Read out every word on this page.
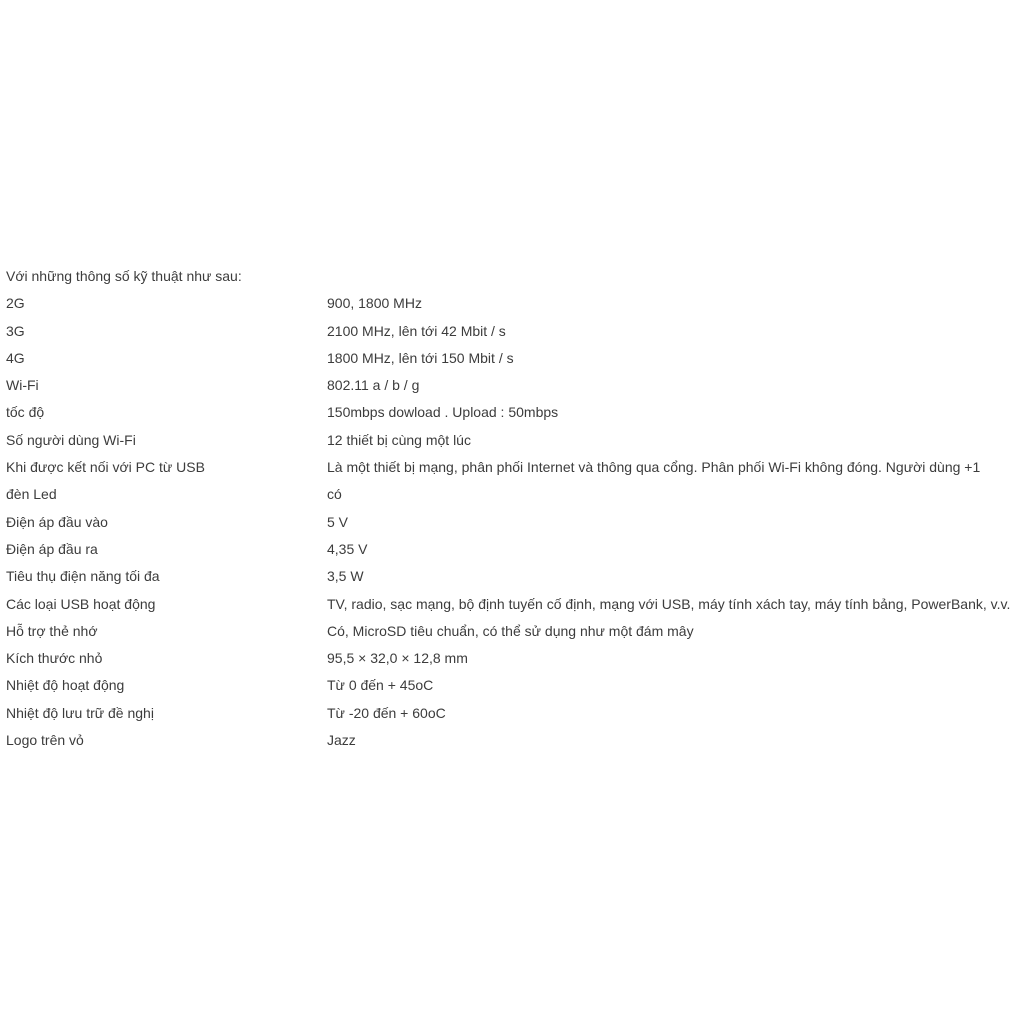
Với những thông số kỹ thuật như sau:
2G	900, 1800 MHz
3G	2100 MHz, lên tới 42 Mbit / s
4G	1800 MHz, lên tới 150 Mbit / s
Wi-Fi	802.11 a / b / g
tốc độ	150mbps dowload . Upload : 50mbps
Số người dùng Wi-Fi	12 thiết bị cùng một lúc
Khi được kết nối với PC từ USB	Là một thiết bị mạng, phân phối Internet và thông qua cổng. Phân phối Wi-Fi không đóng. Người dùng +1
đèn Led	có
Điện áp đầu vào	5 V
Điện áp đầu ra	4,35 V
Tiêu thụ điện năng tối đa	3,5 W
Các loại USB hoạt động	TV, radio, sạc mạng, bộ định tuyến cố định, mạng với USB, máy tính xách tay, máy tính bảng, PowerBank, v.v.
Hỗ trợ thẻ nhớ	Có, MicroSD tiêu chuẩn, có thể sử dụng như một đám mây
Kích thước nhỏ	95,5 × 32,0 × 12,8 mm
Nhiệt độ hoạt động	Từ 0 đến + 45oC
Nhiệt độ lưu trữ đề nghị	Từ -20 đến + 60oC
Logo trên vỏ	Jazz
